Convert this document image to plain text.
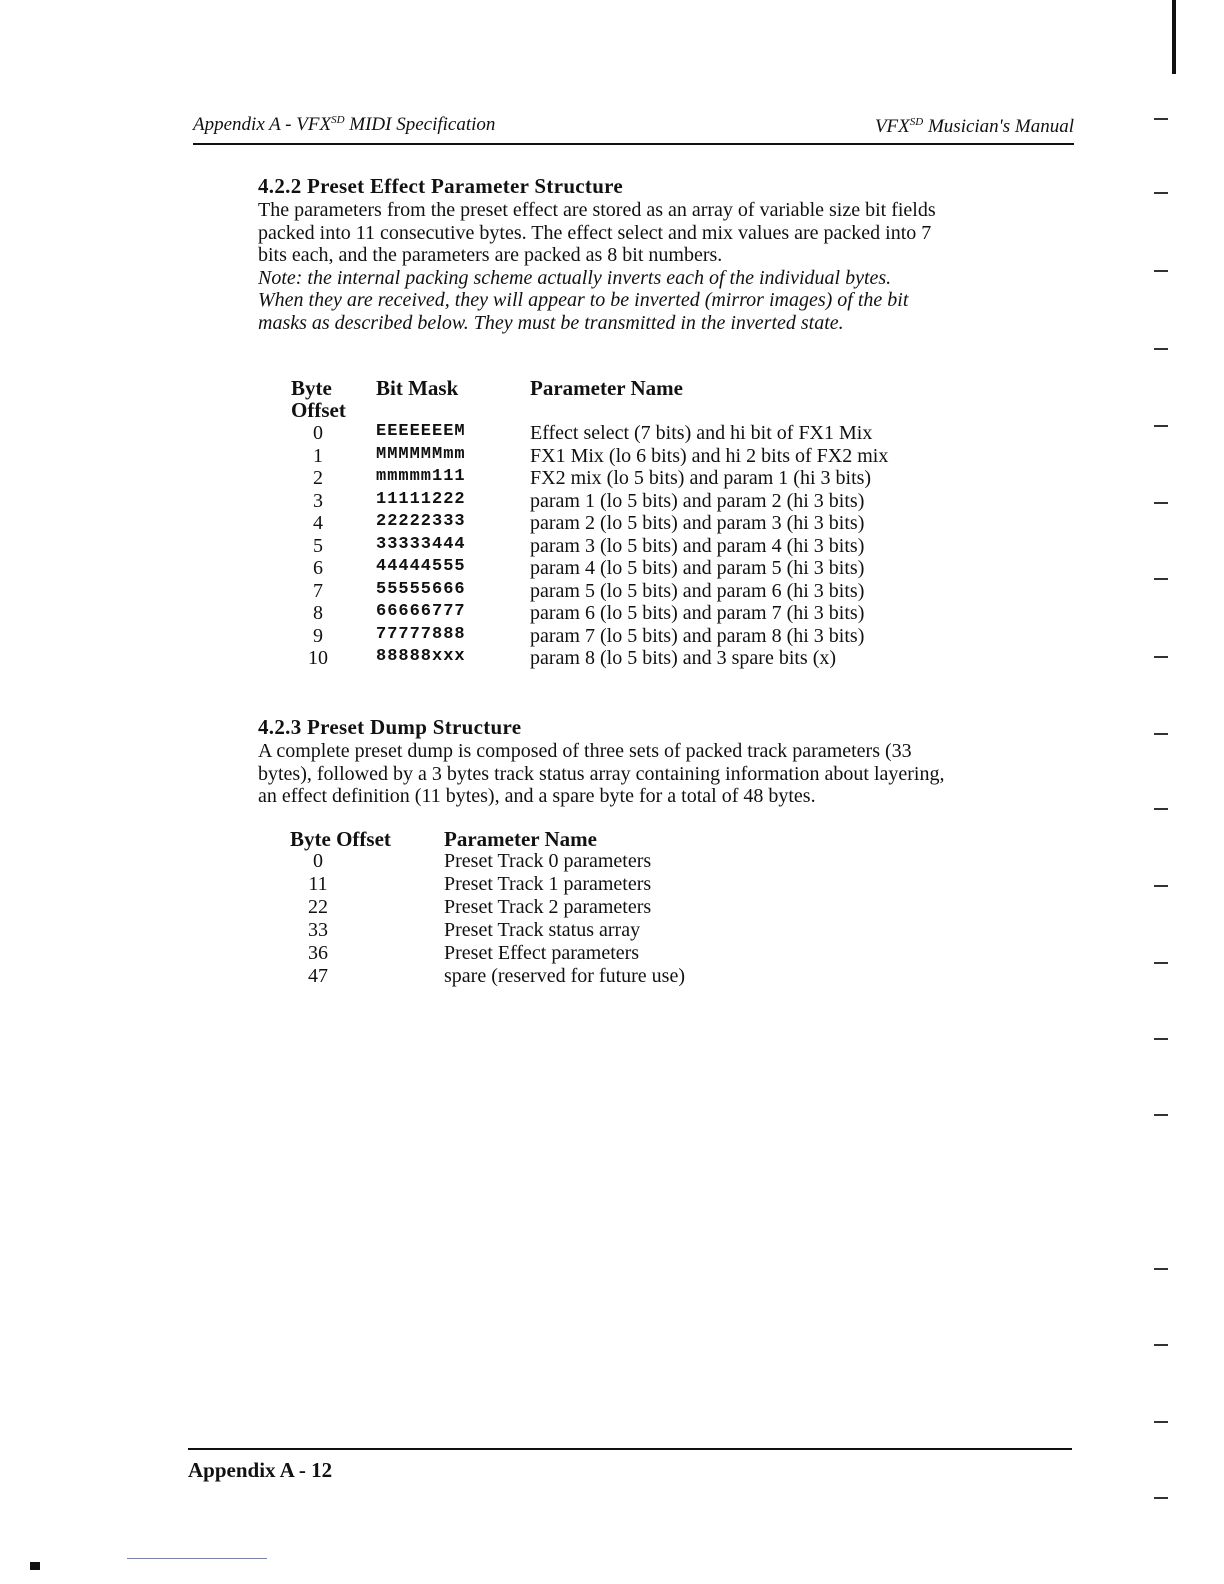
Appendix A - $VFX^{SD}$ MIDI Specification	$VFX^{SD}$ Musician's Manual
4.2.2 Preset Effect Parameter Structure
The parameters from the preset effect are stored as an array of variable size bit fields
packed into 11 consecutive bytes. The effect select and mix values are packed into 7
bits each, and the parameters are packed as 8 bit numbers.
Note: the internal packing scheme actually inverts each of the individual bytes.
When they are received, they will appear to be inverted (mirror images) of the bit
masks as described below. They must be transmitted in the inverted state.
Byte
Offset
Bit Mask	Parameter Name
0	EEEEEEEM	Effect select (7 bits) and hi bit of FX1 Mix
1	MMMMMMmm	FX1 Mix (lo 6 bits) and hi 2 bits of FX2 mix
2	mmmmm111	FX2 mix (lo 5 bits) and param 1 (hi 3 bits)
3	11111222	param 1 (lo 5 bits) and param 2 (hi 3 bits)
4	22222333	param 2 (lo 5 bits) and param 3 (hi 3 bits)
5	33333444	param 3 (lo 5 bits) and param 4 (hi 3 bits)
6	44444555	param 4 (lo 5 bits) and param 5 (hi 3 bits)
7	55555666	param 5 (lo 5 bits) and param 6 (hi 3 bits)
8	66666777	param 6 (lo 5 bits) and param 7 (hi 3 bits)
9	77777888	param 7 (lo 5 bits) and param 8 (hi 3 bits)
10	88888xxx	param 8 (lo 5 bits) and 3 spare bits (x)
4.2.3 Preset Dump Structure
A complete preset dump is composed of three sets of packed track parameters (33
bytes), followed by a 3 bytes track status array containing information about layering,
an effect definition (11 bytes), and a spare byte for a total of 48 bytes.
Byte Offset	Parameter Name
0	Preset Track 0 parameters
11	Preset Track 1 parameters
22	Preset Track 2 parameters
33	Preset Track status array
36	Preset Effect parameters
47	spare (reserved for future use)
Appendix A - 12
